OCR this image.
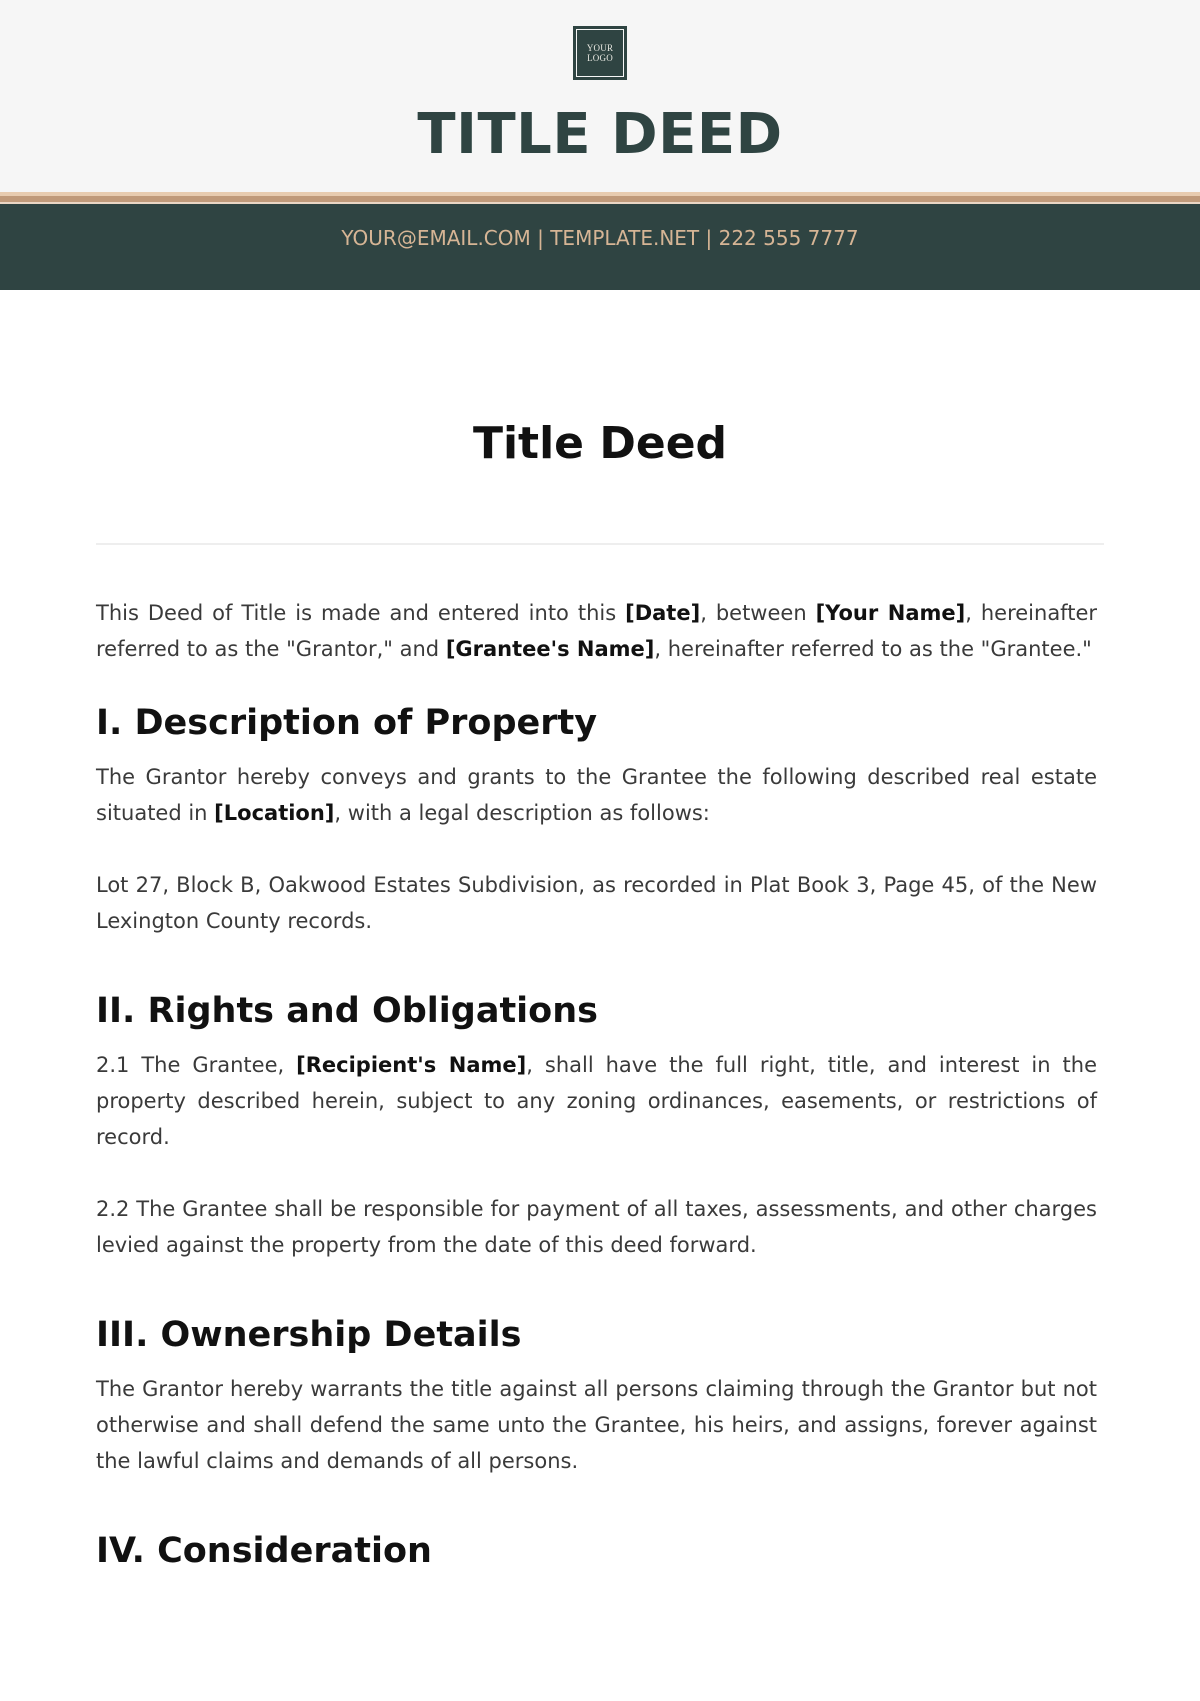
YOUR
LOGO
TITLE DEED
YOUR@EMAIL.COM | TEMPLATE.NET | 222 555 7777
Title Deed

This Deed of Title is made and entered into this [Date], between [Your Name], hereinafter referred to as the "Grantor," and [Grantee's Name], hereinafter referred to as the "Grantee."

I. Description of Property

The Grantor hereby conveys and grants to the Grantee the following described real estate situated in [Location], with a legal description as follows:

Lot 27, Block B, Oakwood Estates Subdivision, as recorded in Plat Book 3, Page 45, of the New Lexington County records.

II. Rights and Obligations

2.1 The Grantee, [Recipient's Name], shall have the full right, title, and interest in the property described herein, subject to any zoning ordinances, easements, or restrictions of record.

2.2 The Grantee shall be responsible for payment of all taxes, assessments, and other charges levied against the property from the date of this deed forward.

III. Ownership Details

The Grantor hereby warrants the title against all persons claiming through the Grantor but not otherwise and shall defend the same unto the Grantee, his heirs, and assigns, forever against the lawful claims and demands of all persons.

IV. Consideration
